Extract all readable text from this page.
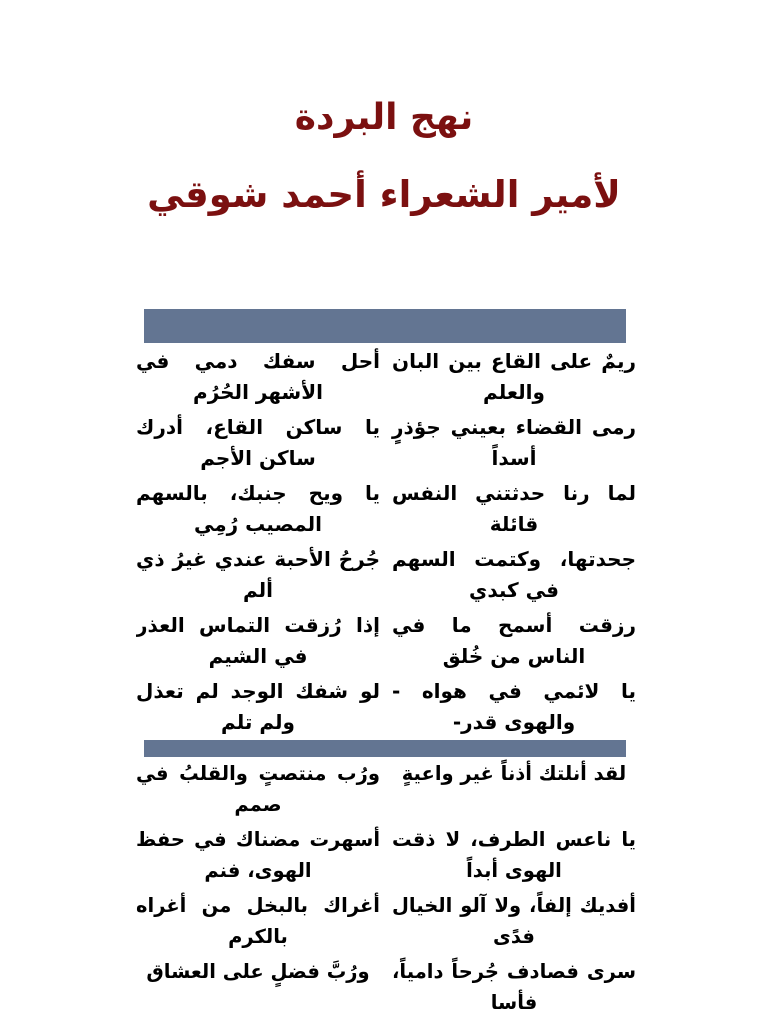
نهج البردة
لأمير الشعراء أحمد شوقي
ريمٌ على القاع بين البان والعلم
أحل سفك دمي في الأشهر الحُرُم
رمى القضاء بعيني جؤذرٍ أسداً
يا ساكن القاع، أدرك ساكن الأجم
لما رنا حدثتني النفس قائلة
يا ويح جنبك، بالسهم المصيب رُمِي
جحدتها، وكتمت السهم في كبدي
جُرحُ الأحبة عندي غيرُ ذي ألم
رزقت أسمح ما في الناس من خُلق
إذا رُزقت التماس العذر في الشيم
يا لائمي في هواه - والهوى قدر-
لو شفك الوجد لم تعذل ولم تلم
لقد أنلتك أذناً غير واعيةٍ
ورُب منتصتٍ والقلبُ في صمم
يا ناعس الطرف، لا ذقت الهوى أبداً
أسهرت مضناك في حفظ الهوى، فنم
أفديك إلفاً، ولا آلو الخيال فدًى
أغراك بالبخل من أغراه بالكرم
سرى فصادف جُرحاً دامياً، فأسا
ورُبَّ فضلٍ على العشاق
